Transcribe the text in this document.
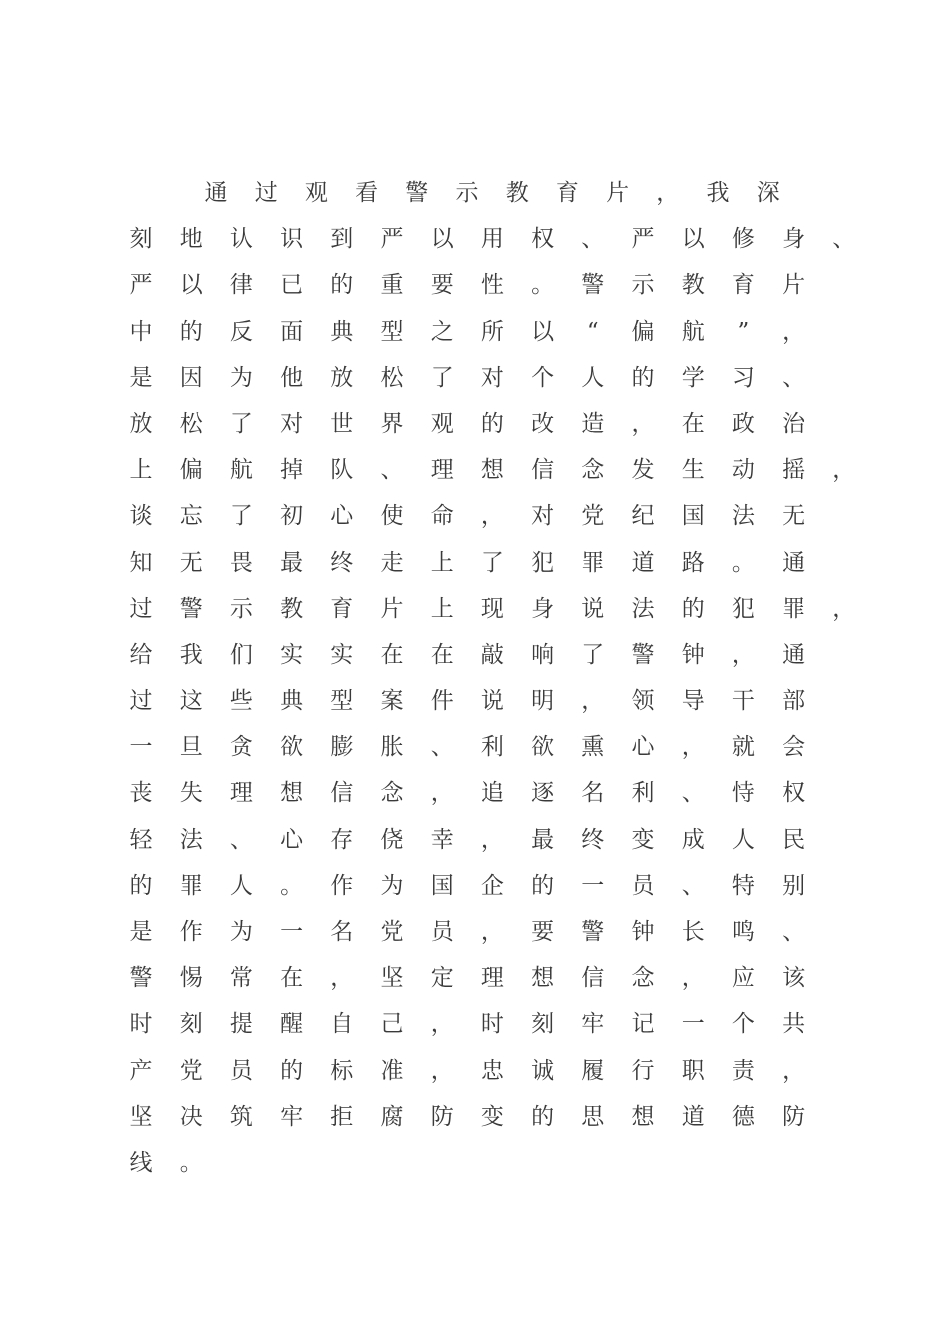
通 过 观 看 警 示 教 育 片 ， 我 深
刻 地 认 识 到 严 以 用 权 、 严 以 修 身 、
严 以 律 已 的 重 要 性 。 警 示 教 育 片
中 的 反 面 典 型 之 所 以	“	偏 航	”	，
是 因 为 他 放 松 了 对 个 人 的 学 习 、
放 松 了 对 世 界 观 的 改 造 ， 在 政 治
上 偏 航 掉 队 、 理 想 信 念 发 生 动 摇 ，
谈 忘 了 初 心 使 命 ， 对 党 纪 国 法 无
知 无 畏 最 终 走 上 了 犯 罪 道 路 。 通
过 警 示 教 育 片 上 现 身 说 法 的 犯 罪 ，
给 我 们 实 实 在 在 敲 响 了 警 钟 ， 通
过 这 些 典 型 案 件 说 明 ， 领 导 干 部
一 旦 贪 欲 膨 胀 、 利 欲 熏 心 ， 就 会
丧 失 理 想 信 念 ， 追 逐 名 利 、 恃 权
轻 法 、 心 存 侥 幸 ， 最 终 变 成 人 民
的 罪 人 。 作 为 国 企 的 一 员 、 特 别
是 作 为 一 名 党 员 ， 要 警 钟 长 鸣 、
警 惕 常 在 ， 坚 定 理 想 信 念 ， 应 该
时 刻 提 醒 自 己 ， 时 刻 牢 记 一 个 共
产 党 员 的 标 准 ， 忠 诚 履 行 职 责 ，
坚 决 筑 牢 拒 腐 防 变 的 思 想 道 德 防
线 。
